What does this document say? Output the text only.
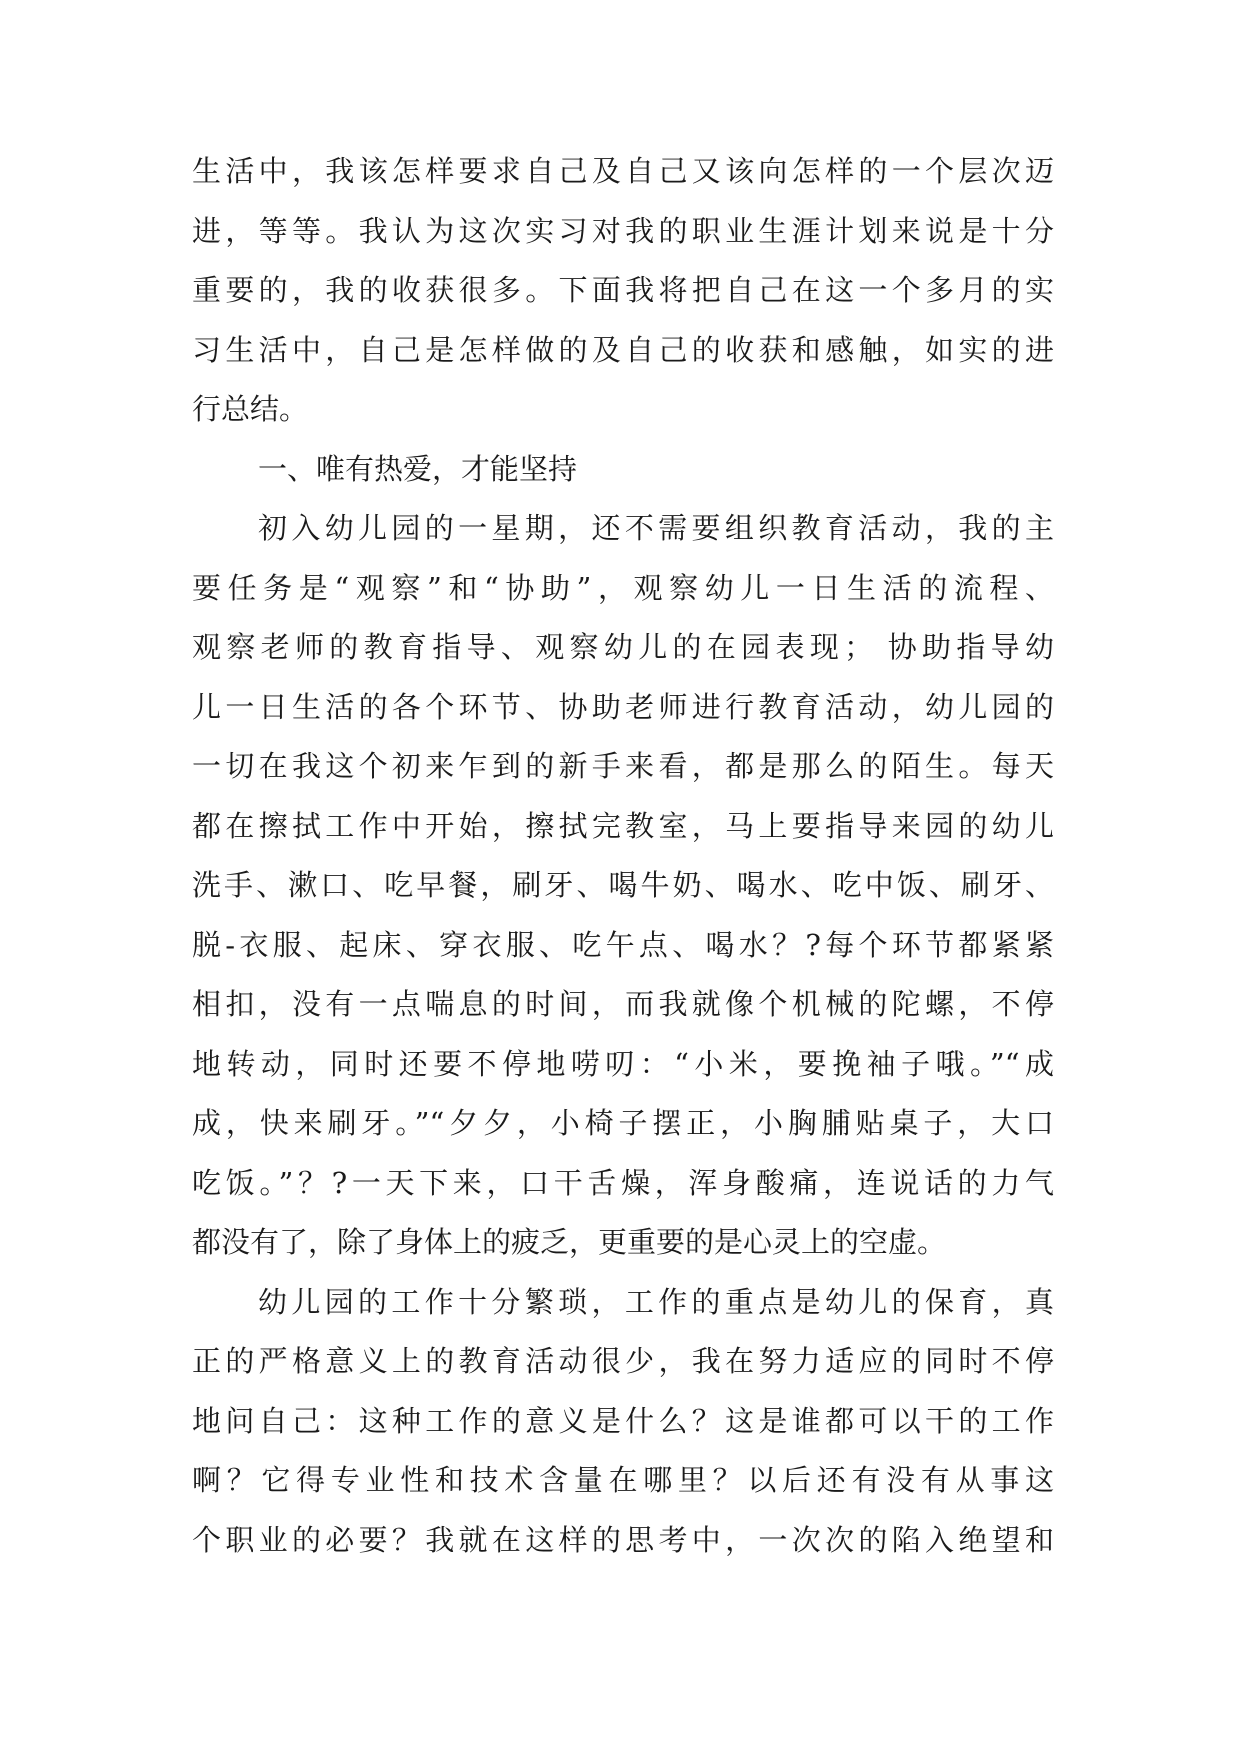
生活中，我该怎样要求自己及自己又该向怎样的一个层次迈
进，等等。我认为这次实习对我的职业生涯计划来说是十分
重要的，我的收获很多。下面我将把自己在这一个多月的实
习生活中，自己是怎样做的及自己的收获和感触，如实的进
行总结。
一、唯有热爱，才能坚持
初入幼儿园的一星期，还不需要组织教育活动，我的主
要任务是“观察”和“协助”，观察幼儿一日生活的流程、
观察老师的教育指导、观察幼儿的在园表现； 协助指导幼
儿一日生活的各个环节、协助老师进行教育活动，幼儿园的
一切在我这个初来乍到的新手来看，都是那么的陌生。每天
都在擦拭工作中开始，擦拭完教室，马上要指导来园的幼儿
洗手、漱口、吃早餐，刷牙、喝牛奶、喝水、吃中饭、刷牙、
脱-衣服、起床、穿衣服、吃午点、喝水？?每个环节都紧紧
相扣，没有一点喘息的时间，而我就像个机械的陀螺，不停
地转动，同时还要不停地唠叨：“小米，要挽袖子哦。”“成
成，快来刷牙。”“夕夕，小椅子摆正，小胸脯贴桌子，大口
吃饭。”？?一天下来，口干舌燥，浑身酸痛，连说话的力气
都没有了，除了身体上的疲乏，更重要的是心灵上的空虚。
幼儿园的工作十分繁琐，工作的重点是幼儿的保育，真
正的严格意义上的教育活动很少，我在努力适应的同时不停
地问自己：这种工作的意义是什么？这是谁都可以干的工作
啊？它得专业性和技术含量在哪里？以后还有没有从事这
个职业的必要？我就在这样的思考中，一次次的陷入绝望和
